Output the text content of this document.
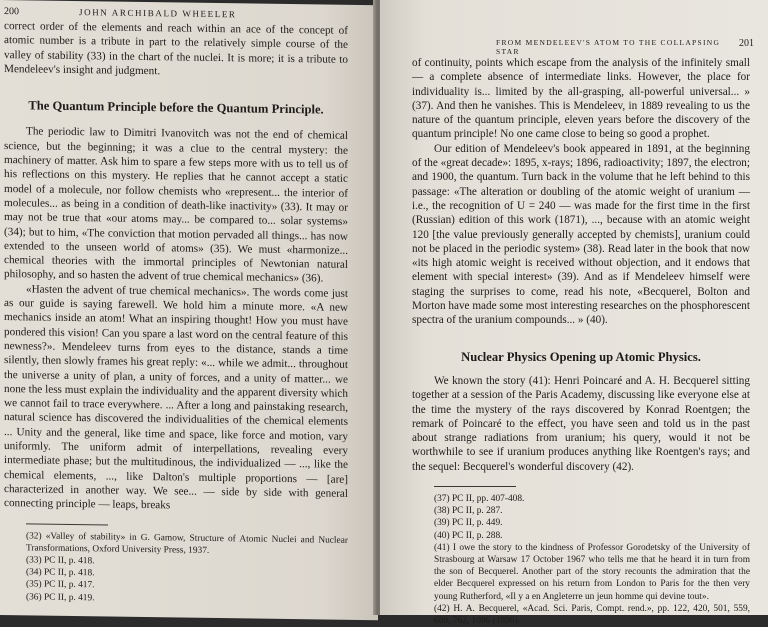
200	JOHN ARCHIBALD WHEELER

correct order of the elements and reach within an ace of the concept of atomic number is a tribute in part to the relatively simple course of the valley of stability (33) in the chart of the nuclei. It is more; it is a tribute to Mendeleev's insight and judgment.

The Quantum Principle before the Quantum Principle.

The periodic law to Dimitri Ivanovitch was not the end of chemical science, but the beginning; it was a clue to the central mystery: the machinery of matter. Ask him to spare a few steps more with us to tell us of his reflections on this mystery. He replies that he cannot accept a static model of a molecule, nor follow chemists who «represent... the interior of molecules... as being in a condition of death-like inactivity» (33). It may or may not be true that «our atoms may... be compared to... solar systems» (34); but to him, «The conviction that motion pervaded all things... has now extended to the unseen world of atoms» (35). We must «harmonize... chemical theories with the immortal principles of Newtonian natural philosophy, and so hasten the advent of true chemical mechanics» (36).

«Hasten the advent of true chemical mechanics». The words come just as our guide is saying farewell. We hold him a minute more. «A new mechanics inside an atom! What an inspiring thought! How you must have pondered this vision! Can you spare a last word on the central feature of this newness?». Mendeleev turns from eyes to the distance, stands a time silently, then slowly frames his great reply: «... while we admit... throughout the universe a unity of plan, a unity of forces, and a unity of matter... we none the less must explain the individuality and the apparent diversity which we cannot fail to trace everywhere. ... After a long and painstaking research, natural science has discovered the individualities of the chemical elements ... Unity and the general, like time and space, like force and motion, vary uniformly. The uniform admit of interpellations, revealing every intermediate phase; but the multitudinous, the individualized — ..., like the chemical elements, ..., like Dalton's multiple proportions — [are] characterized in another way. We see... — side by side with general connecting principle — leaps, breaks

(32) «Valley of stability» in G. Gamow, Structure of Atomic Nuclei and Nuclear Transformations, Oxford University Press, 1937.

(33) PC II, p. 418.

(34) PC II, p. 418.

(35) PC II, p. 417.

(36) PC II, p. 419.

FROM MENDELEEV'S ATOM TO THE COLLAPSING STAR
201

of continuity, points which escape from the analysis of the infinitely small — a complete absence of intermediate links. However, the place for individuality is... limited by the all-grasping, all-powerful universal... » (37). And then he vanishes. This is Mendeleev, in 1889 revealing to us the nature of the quantum principle, eleven years before the discovery of the quantum principle! No one came close to being so good a prophet.

Our edition of Mendeleev's book appeared in 1891, at the beginning of the «great decade»: 1895, x-rays; 1896, radioactivity; 1897, the electron; and 1900, the quantum. Turn back in the volume that he left behind to this passage: «The alteration or doubling of the atomic weight of uranium — i.e., the recognition of U = 240 — was made for the first time in the first (Russian) edition of this work (1871), ..., because with an atomic weight 120 [the value previously generally accepted by chemists], uranium could not be placed in the periodic system» (38). Read later in the book that now «its high atomic weight is received without objection, and it endows that element with special interest» (39). And as if Mendeleev himself were staging the surprises to come, read his note, «Becquerel, Bolton and Morton have made some most interesting researches on the phosphorescent spectra of the uranium compounds... » (40).

Nuclear Physics Opening up Atomic Physics.

We known the story (41): Henri Poincaré and A. H. Becquerel sitting together at a session of the Paris Academy, discussing like everyone else at the time the mystery of the rays discovered by Konrad Roentgen; the remark of Poincaré to the effect, you have seen and told us in the past about strange radiations from uranium; his query, would it not be worthwhile to see if uranium produces anything like Roentgen's rays; and the sequel: Becquerel's wonderful discovery (42).

(37) PC II, pp. 407-408.

(38) PC II, p. 287.

(39) PC II, p. 449.

(40) PC II, p. 288.

(41) I owe the story to the kindness of Professor Gorodetsky of the University of Strasbourg at Warsaw 17 October 1967 who tells me that he heard it in turn from the son of Becquerel. Another part of the story recounts the admiration that the elder Becquerel expressed on his return from London to Paris for the then very young Rutherford, «Il y a en Angleterre un jeun homme qui devine tout».

(42) H. A. Becquerel, «Acad. Sci. Paris, Compt. rend.», pp. 122, 420, 501, 559, 689, 762, 1086 (1896).
